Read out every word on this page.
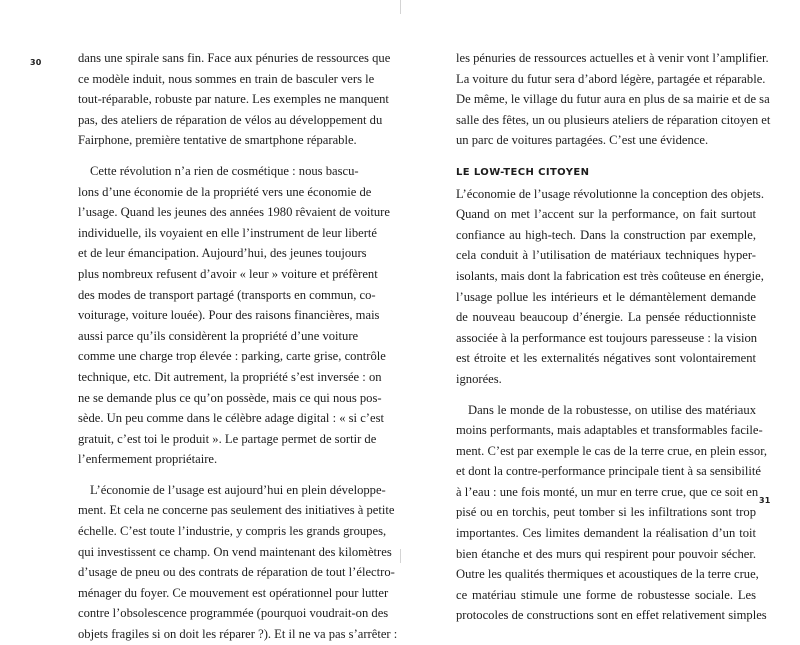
30
31
dans une spirale sans fin. Face aux pénuries de ressources que
ce modèle induit, nous sommes en train de basculer vers le
tout-réparable, robuste par nature. Les exemples ne manquent
pas, des ateliers de réparation de vélos au développement du
Fairphone, première tentative de smartphone réparable.
Cette révolution n’a rien de cosmétique : nous bascu-
lons d’une économie de la propriété vers une économie de
l’usage. Quand les jeunes des années 1980 rêvaient de voiture
individuelle, ils voyaient en elle l’instrument de leur liberté
et de leur émancipation. Aujourd’hui, des jeunes toujours
plus nombreux refusent d’avoir « leur » voiture et préfèrent
des modes de transport partagé (transports en commun, co-
voiturage, voiture louée). Pour des raisons financières, mais
aussi parce qu’ils considèrent la propriété d’une voiture
comme une charge trop élevée : parking, carte grise, contrôle
technique, etc. Dit autrement, la propriété s’est inversée : on
ne se demande plus ce qu’on possède, mais ce qui nous pos-
sède. Un peu comme dans le célèbre adage digital : « si c’est
gratuit, c’est toi le produit ». Le partage permet de sortir de
l’enfermement propriétaire.
L’économie de l’usage est aujourd’hui en plein développe-
ment. Et cela ne concerne pas seulement des initiatives à petite
échelle. C’est toute l’industrie, y compris les grands groupes,
qui investissent ce champ. On vend maintenant des kilomètres
d’usage de pneu ou des contrats de réparation de tout l’électro-
ménager du foyer. Ce mouvement est opérationnel pour lutter
contre l’obsolescence programmée (pourquoi voudrait-on des
objets fragiles si on doit les réparer ?). Et il ne va pas s’arrêter :
les pénuries de ressources actuelles et à venir vont l’amplifier.
La voiture du futur sera d’abord légère, partagée et réparable.
De même, le village du futur aura en plus de sa mairie et de sa
salle des fêtes, un ou plusieurs ateliers de réparation citoyen et
un parc de voitures partagées. C’est une évidence.
LE LOW-TECH CITOYEN
L’économie de l’usage révolutionne la conception des objets.
Quand on met l’accent sur la performance, on fait surtout
confiance au high-tech. Dans la construction par exemple,
cela conduit à l’utilisation de matériaux techniques hyper-
isolants, mais dont la fabrication est très coûteuse en énergie,
l’usage pollue les intérieurs et le démantèlement demande
de nouveau beaucoup d’énergie. La pensée réductionniste
associée à la performance est toujours paresseuse : la vision
est étroite et les externalités négatives sont volontairement
ignorées.
Dans le monde de la robustesse, on utilise des matériaux
moins performants, mais adaptables et transformables facile-
ment. C’est par exemple le cas de la terre crue, en plein essor,
et dont la contre-performance principale tient à sa sensibilité
à l’eau : une fois monté, un mur en terre crue, que ce soit en
pisé ou en torchis, peut tomber si les infiltrations sont trop
importantes. Ces limites demandent la réalisation d’un toit
bien étanche et des murs qui respirent pour pouvoir sécher.
Outre les qualités thermiques et acoustiques de la terre crue,
ce matériau stimule une forme de robustesse sociale. Les
protocoles de constructions sont en effet relativement simples
